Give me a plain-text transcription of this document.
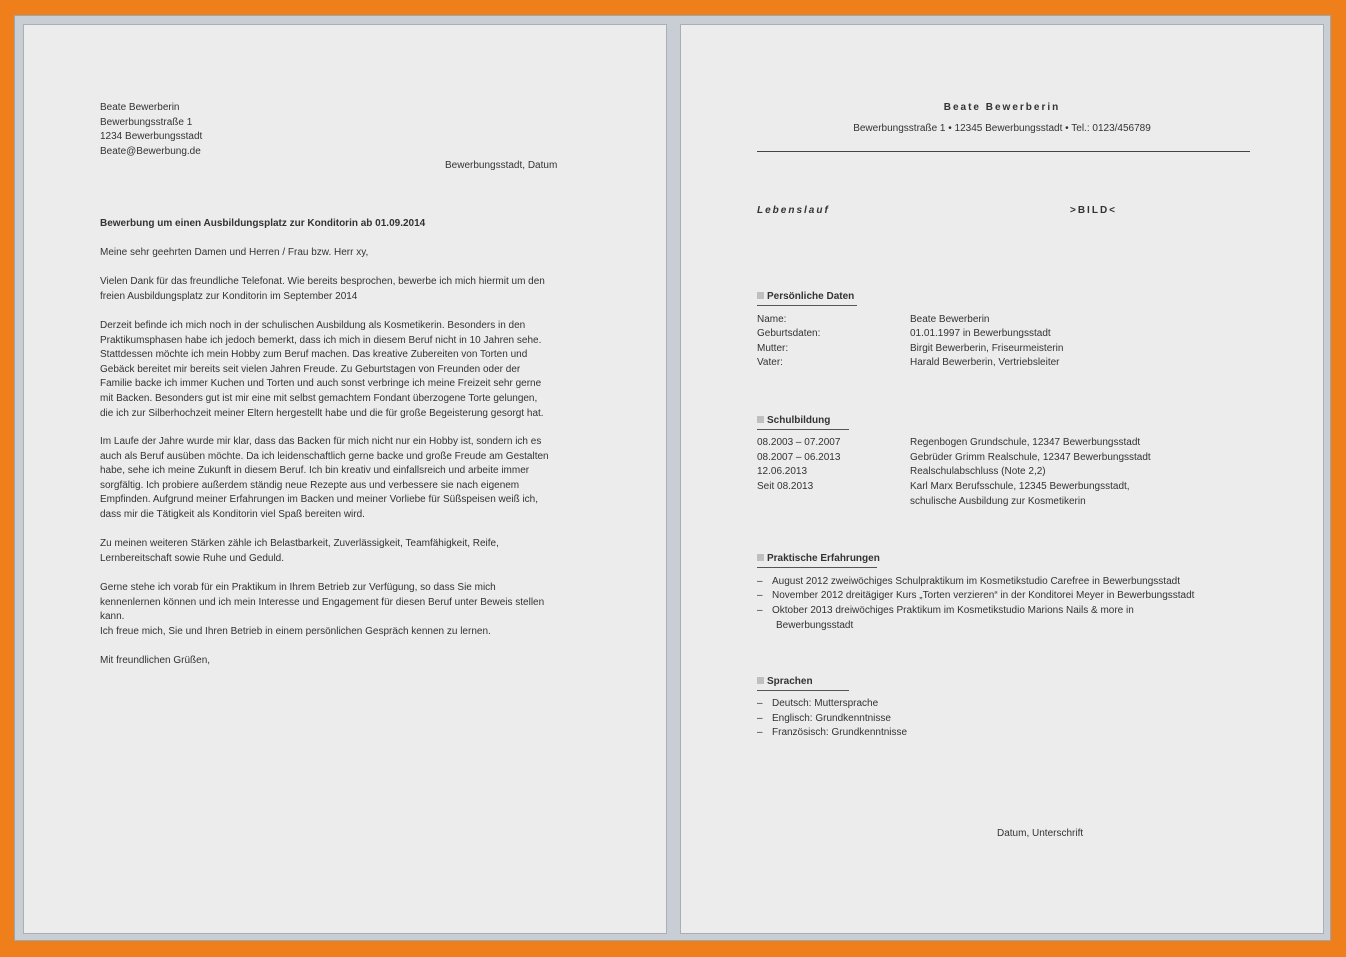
Beate Bewerberin
Bewerbungsstraße 1
1234 Bewerbungsstadt
Beate@Bewerbung.de
Bewerbungsstadt, Datum
Bewerbung um einen Ausbildungsplatz zur Konditorin ab 01.09.2014
Meine sehr geehrten Damen und Herren / Frau bzw. Herr xy,
Vielen Dank für das freundliche Telefonat. Wie bereits besprochen, bewerbe ich mich hiermit um den
freien Ausbildungsplatz zur Konditorin im September 2014
Derzeit befinde ich mich noch in der schulischen Ausbildung als Kosmetikerin. Besonders in den
Praktikumsphasen habe ich jedoch bemerkt, dass ich mich in diesem Beruf nicht in 10 Jahren sehe.
Stattdessen möchte ich mein Hobby zum Beruf machen. Das kreative Zubereiten von Torten und
Gebäck bereitet mir bereits seit vielen Jahren Freude. Zu Geburtstagen von Freunden oder der
Familie backe ich immer Kuchen und Torten und auch sonst verbringe ich meine Freizeit sehr gerne
mit Backen. Besonders gut ist mir eine mit selbst gemachtem Fondant überzogene Torte gelungen,
die ich zur Silberhochzeit meiner Eltern hergestellt habe und die für große Begeisterung gesorgt hat.
Im Laufe der Jahre wurde mir klar, dass das Backen für mich nicht nur ein Hobby ist, sondern ich es
auch als Beruf ausüben möchte. Da ich leidenschaftlich gerne backe und große Freude am Gestalten
habe, sehe ich meine Zukunft in diesem Beruf. Ich bin kreativ und einfallsreich und arbeite immer
sorgfältig. Ich probiere außerdem ständig neue Rezepte aus und verbessere sie nach eigenem
Empfinden. Aufgrund meiner Erfahrungen im Backen und meiner Vorliebe für Süßspeisen weiß ich,
dass mir die Tätigkeit als Konditorin viel Spaß bereiten wird.
Zu meinen weiteren Stärken zähle ich Belastbarkeit, Zuverlässigkeit, Teamfähigkeit, Reife,
Lernbereitschaft sowie Ruhe und Geduld.
Gerne stehe ich vorab für ein Praktikum in Ihrem Betrieb zur Verfügung, so dass Sie mich
kennenlernen können und ich mein Interesse und Engagement für diesen Beruf unter Beweis stellen
kann.
Ich freue mich, Sie und Ihren Betrieb in einem persönlichen Gespräch kennen zu lernen.
Mit freundlichen Grüßen,
Beate Bewerberin
Bewerbungsstraße 1 • 12345 Bewerbungsstadt • Tel.: 0123/456789
Lebenslauf	>BILD<
Persönliche Daten
Name:	Beate Bewerberin
Geburtsdaten:	01.01.1997 in Bewerbungsstadt
Mutter:	Birgit Bewerberin, Friseurmeisterin
Vater:	Harald Bewerberin, Vertriebsleiter
Schulbildung
08.2003 – 07.2007	Regenbogen Grundschule, 12347 Bewerbungsstadt
08.2007 – 06.2013	Gebrüder Grimm Realschule, 12347 Bewerbungsstadt
12.06.2013	Realschulabschluss (Note 2,2)
Seit 08.2013	Karl Marx Berufsschule, 12345 Bewerbungsstadt,
schulische Ausbildung zur Kosmetikerin
Praktische Erfahrungen
– August 2012 zweiwöchiges Schulpraktikum im Kosmetikstudio Carefree in Bewerbungsstadt
– November 2012 dreitägiger Kurs „Torten verzieren“ in der Konditorei Meyer in Bewerbungsstadt
– Oktober 2013 dreiwöchiges Praktikum im Kosmetikstudio Marions Nails & more in
Bewerbungsstadt
Sprachen
– Deutsch: Muttersprache
– Englisch: Grundkenntnisse
– Französisch: Grundkenntnisse
Datum, Unterschrift
